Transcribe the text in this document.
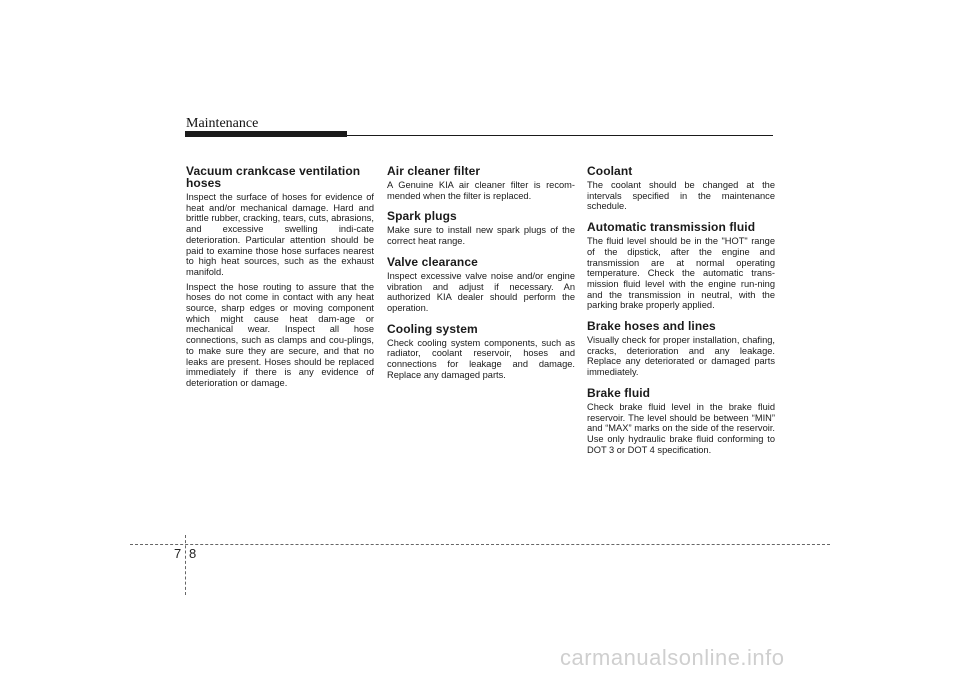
Maintenance
Vacuum crankcase ventilation hoses

Inspect the surface of hoses for evidence of heat and/or mechanical damage. Hard and brittle rubber, cracking, tears, cuts, abrasions, and excessive swelling indi-cate deterioration. Particular attention should be paid to examine those hose surfaces nearest to high heat sources, such as the exhaust manifold.

Inspect the hose routing to assure that the hoses do not come in contact with any heat source, sharp edges or moving component which might cause heat dam-age or mechanical wear. Inspect all hose connections, such as clamps and cou-plings, to make sure they are secure, and that no leaks are present. Hoses should be replaced immediately if there is any evidence of deterioration or damage.

Air cleaner filter

A Genuine KIA air cleaner filter is recom-mended when the filter is replaced.

Spark plugs

Make sure to install new spark plugs of the correct heat range.

Valve clearance

Inspect excessive valve noise and/or engine vibration and adjust if necessary. An authorized KIA dealer should perform the operation.

Cooling system

Check cooling system components, such as radiator, coolant reservoir, hoses and connections for leakage and damage. Replace any damaged parts.

Coolant

The coolant should be changed at the intervals specified in the maintenance schedule.

Automatic transmission fluid

The fluid level should be in the "HOT" range of the dipstick, after the engine and transmission are at normal operating temperature. Check the automatic trans-mission fluid level with the engine run-ning and the transmission in neutral, with the parking brake properly applied.

Brake hoses and lines

Visually check for proper installation, chafing, cracks, deterioration and any leakage. Replace any deteriorated or damaged parts immediately.

Brake fluid

Check brake fluid level in the brake fluid reservoir. The level should be between “MIN” and “MAX” marks on the side of the reservoir. Use only hydraulic brake fluid conforming to DOT 3 or DOT 4 specification.

7 8
carmanualsonline.info
